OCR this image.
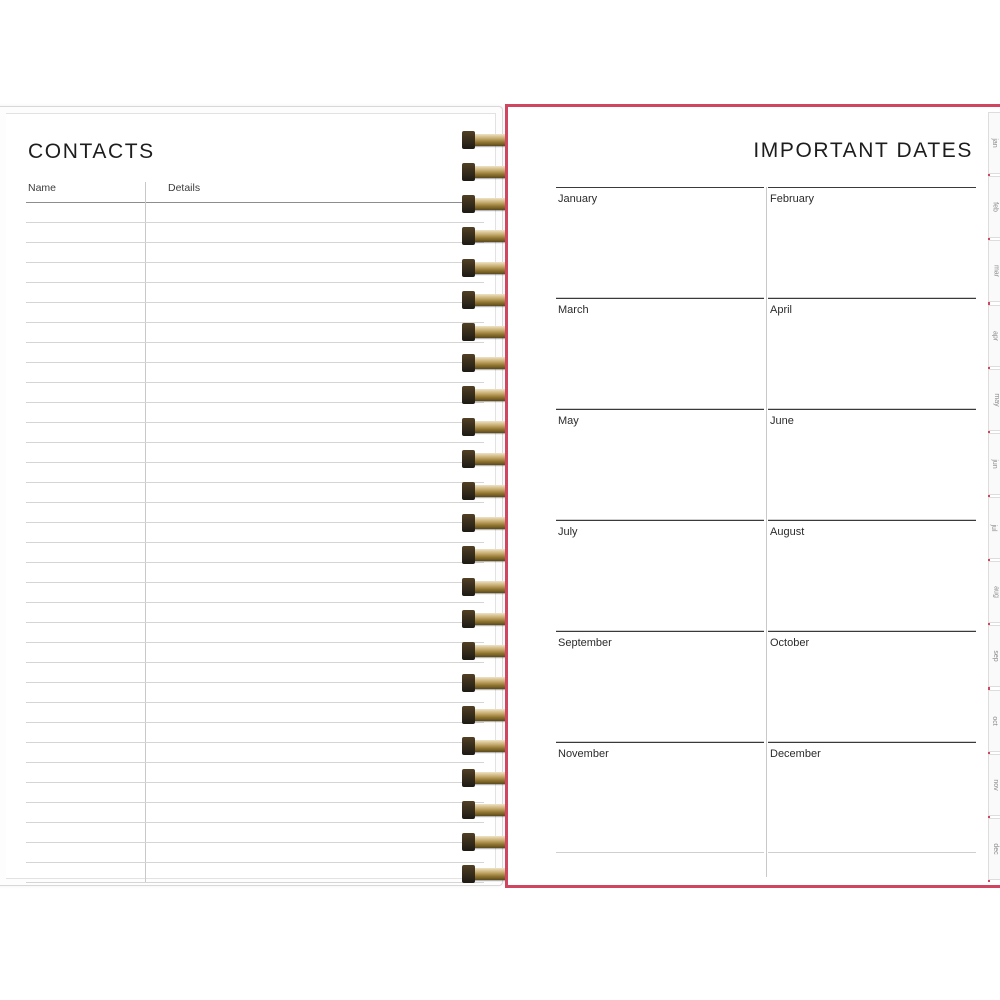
CONTACTS
Name	Details
IMPORTANT DATES
January	February
March	April
May	June
July	August
September	October
November	December
jan
feb
mar
apr
may
jun
jul
aug
sep
oct
nov
dec
